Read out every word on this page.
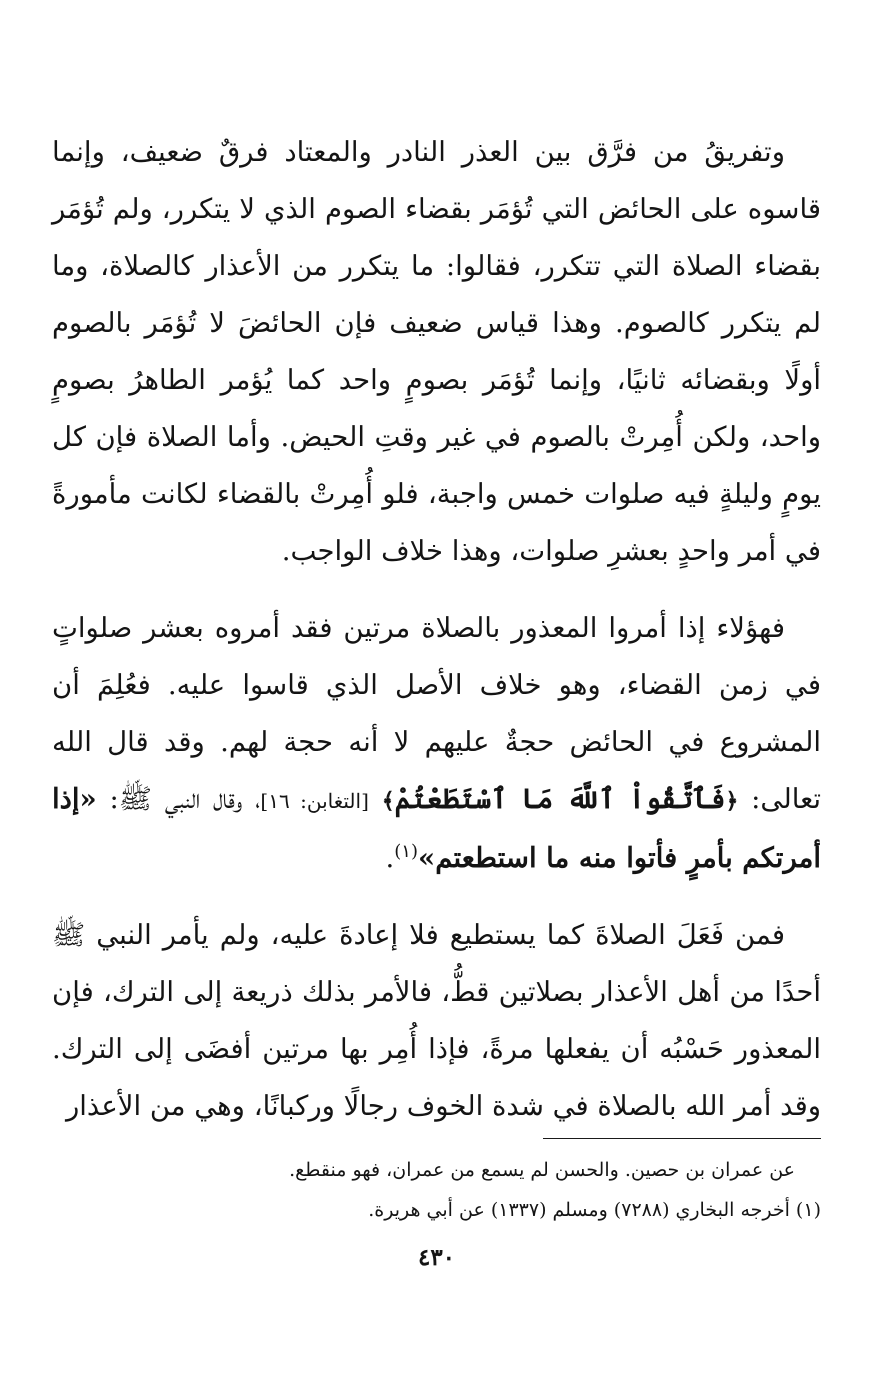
وتفريقُ من فرَّق بين العذر النادر والمعتاد فرقٌ ضعيف، وإنما قاسوه على الحائض التي تُؤمَر بقضاء الصوم الذي لا يتكرر، ولم تُؤمَر بقضاء الصلاة التي تتكرر، فقالوا: ما يتكرر من الأعذار كالصلاة، وما لم يتكرر كالصوم. وهذا قياس ضعيف فإن الحائضَ لا تُؤمَر بالصوم أولًا وبقضائه ثانيًا، وإنما تُؤمَر بصومٍ واحد كما يُؤمر الطاهرُ بصومٍ واحد، ولكن أُمِرتْ بالصوم في غير وقتِ الحيض. وأما الصلاة فإن كل يومٍ وليلةٍ فيه صلوات خمس واجبة، فلو أُمِرتْ بالقضاء لكانت مأمورةً في أمر واحدٍ بعشرِ صلوات، وهذا خلاف الواجب.

فهؤلاء إذا أمروا المعذور بالصلاة مرتين فقد أمروه بعشر صلواتٍ في زمن القضاء، وهو خلاف الأصل الذي قاسوا عليه. فعُلِمَ أن المشروع في الحائض حجةٌ عليهم لا أنه حجة لهم. وقد قال الله تعالى: ﴿فَٱتَّقُواْ ٱللَّهَ مَا ٱسْتَطَعْتُمْ﴾ [التغابن: ١٦]، وقال النبي ﷺ: «إذا أمرتكم بأمرٍ فأتوا منه ما استطعتم»$^{(١)}$.

فمن فَعَلَ الصلاةَ كما يستطيع فلا إعادةَ عليه، ولم يأمر النبي ﷺ أحدًا من أهل الأعذار بصلاتين قطُّ، فالأمر بذلك ذريعة إلى الترك، فإن المعذور حَسْبُه أن يفعلها مرةً، فإذا أُمِر بها مرتين أفضَى إلى الترك. وقد أمر الله بالصلاة في شدة الخوف رجالًا وركبانًا، وهي من الأعذار

عن عمران بن حصين. والحسن لم يسمع من عمران، فهو منقطع.

(١) أخرجه البخاري (٧٢٨٨) ومسلم (١٣٣٧) عن أبي هريرة.

٤٣٠
